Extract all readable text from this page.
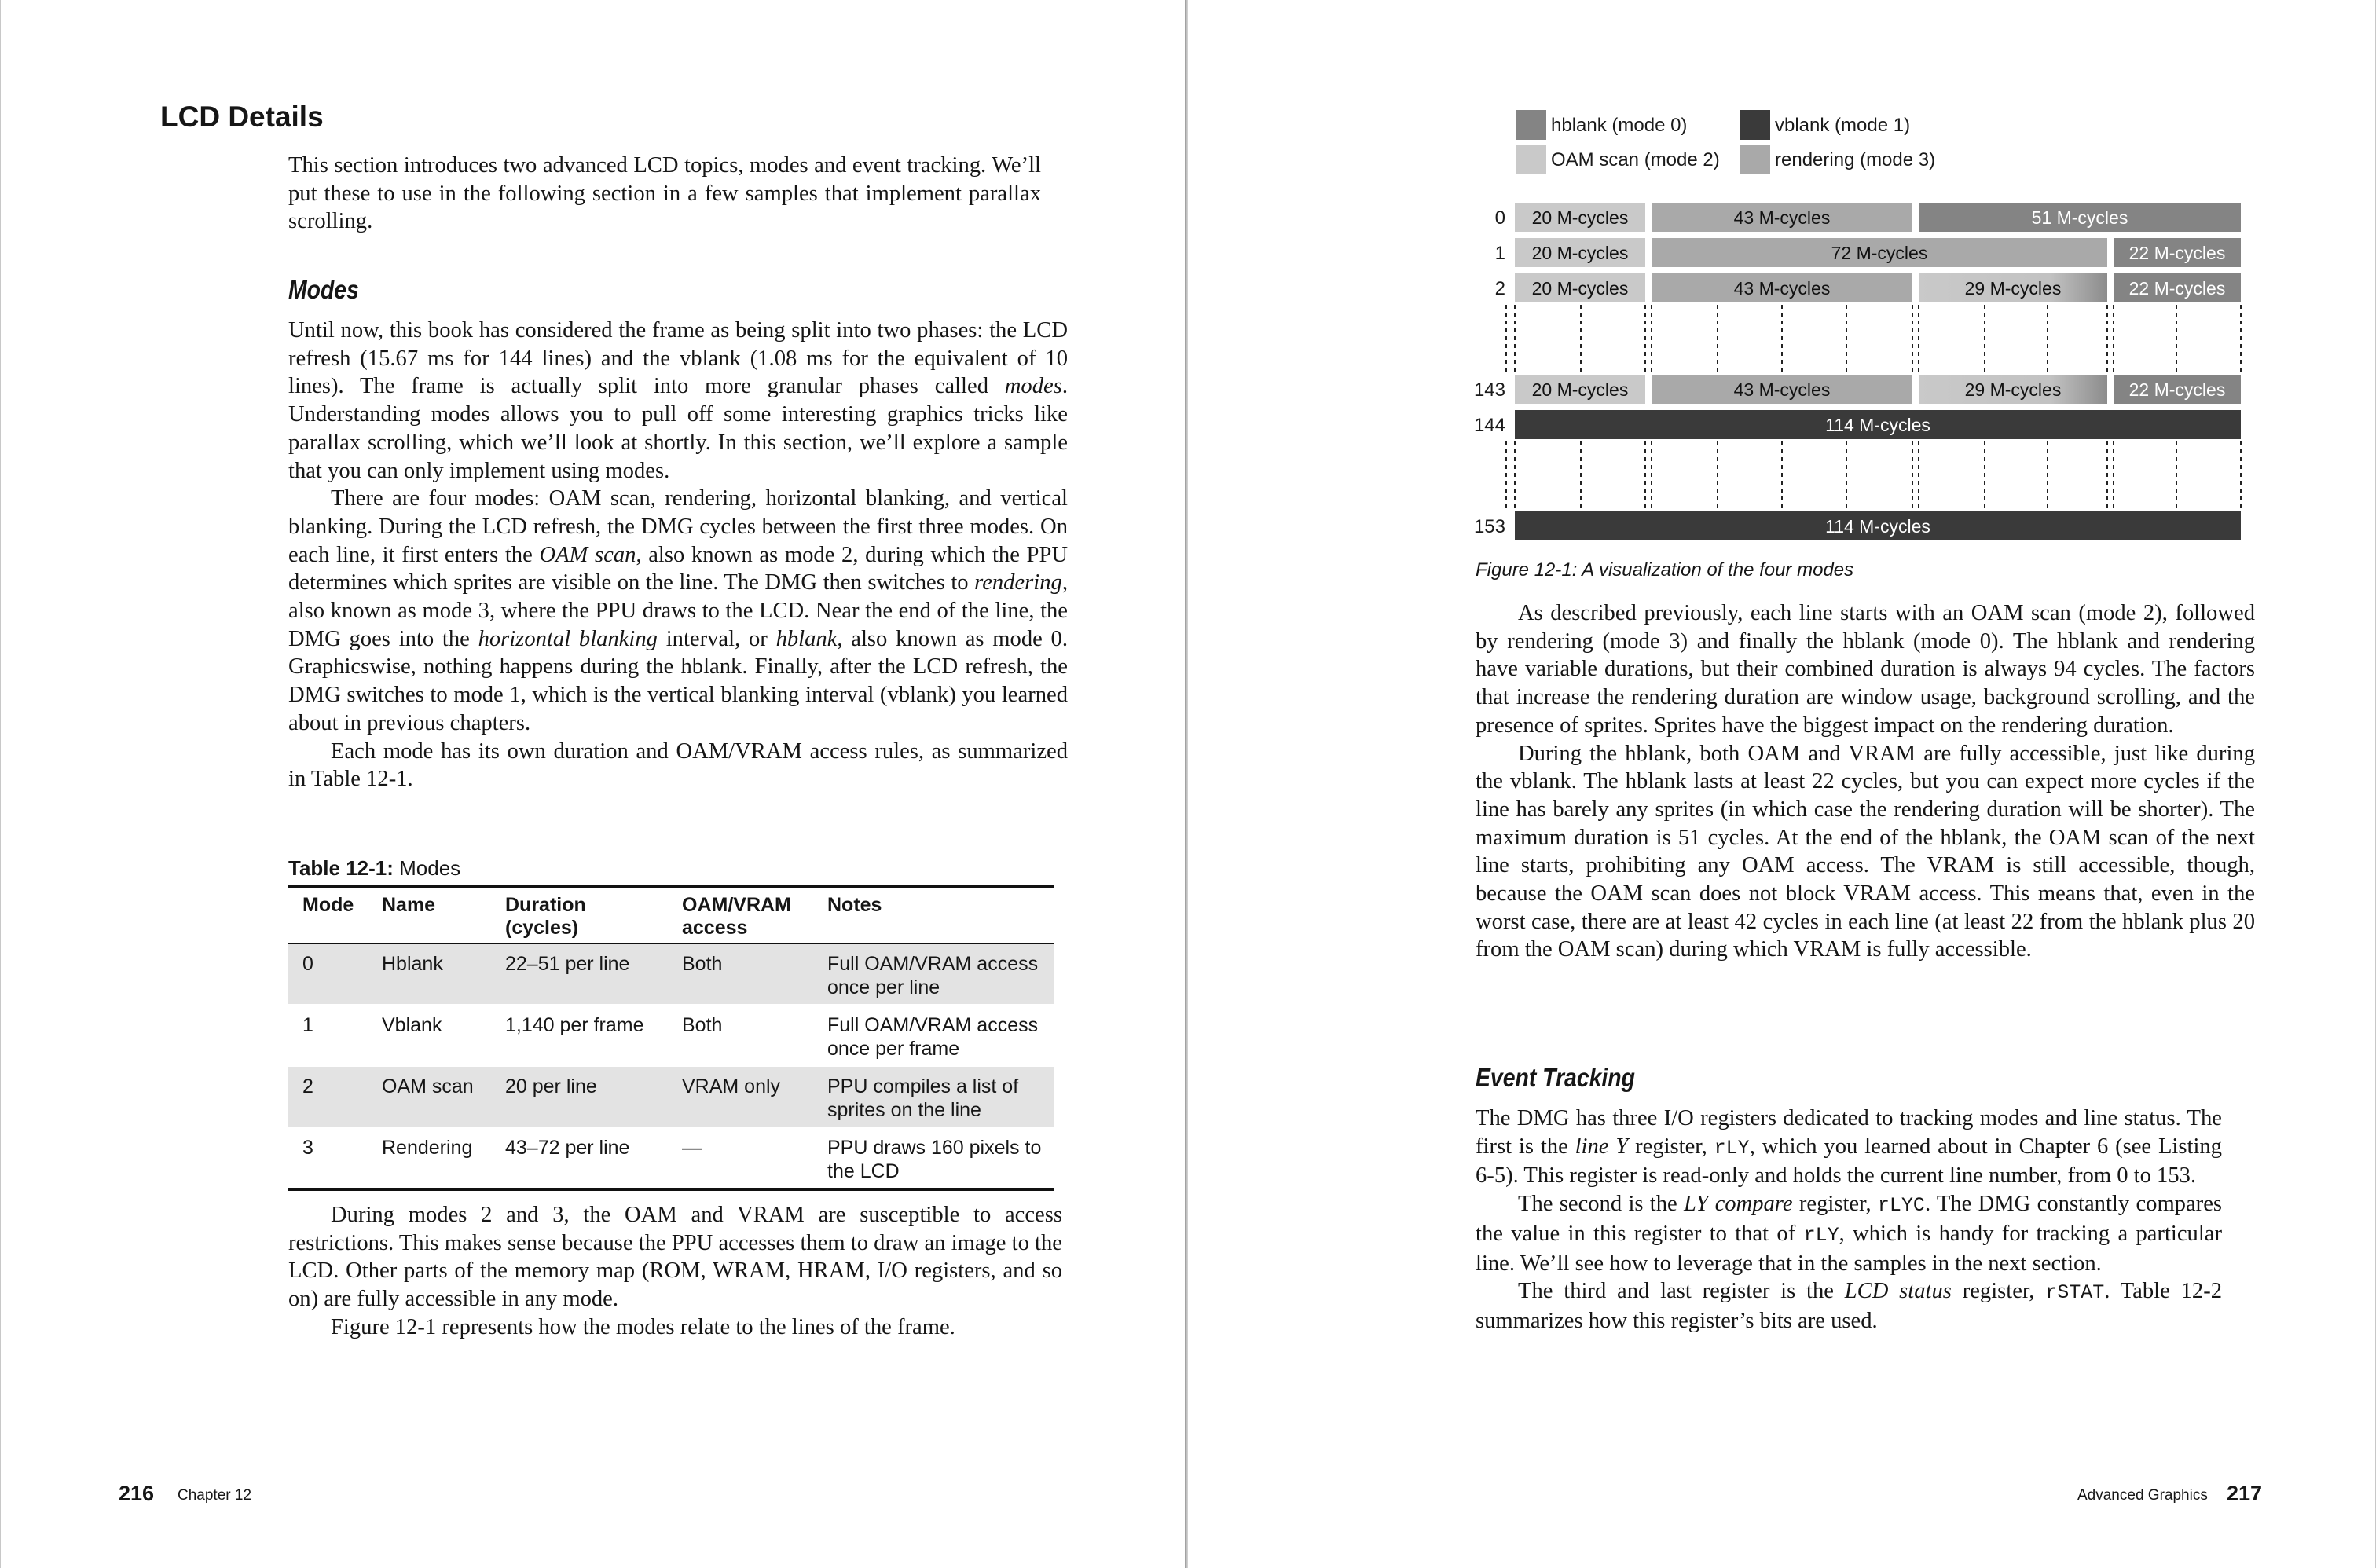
LCD Details

This section introduces two advanced LCD topics, modes and event tracking. We’ll put these to use in the following section in a few samples that implement parallax scrolling.

Modes

Until now, this book has considered the frame as being split into two phases: the LCD refresh (15.67 ms for 144 lines) and the vblank (1.08 ms for the equivalent of 10 lines). The frame is actually split into more granular phases called modes. Understanding modes allows you to pull off some interesting graphics tricks like parallax scrolling, which we’ll look at shortly. In this section, we’ll explore a sample that you can only implement using modes.

There are four modes: OAM scan, rendering, horizontal blanking, and vertical blanking. During the LCD refresh, the DMG cycles between the first three modes. On each line, it first enters the OAM scan, also known as mode 2, during which the PPU determines which sprites are visible on the line. The DMG then switches to rendering, also known as mode 3, where the PPU draws to the LCD. Near the end of the line, the DMG goes into the horizontal blanking interval, or hblank, also known as mode 0. Graphicswise, nothing happens during the hblank. Finally, after the LCD refresh, the DMG switches to mode 1, which is the vertical blanking interval (vblank) you learned about in previous chapters.

Each mode has its own duration and OAM/VRAM access rules, as summarized in Table 12-1.

Table 12-1: Modes

Mode	Name	Duration (cycles)	OAM/VRAM access	Notes
0	Hblank	22–51 per line	Both	Full OAM/VRAM access once per line
1	Vblank	1,140 per frame	Both	Full OAM/VRAM access once per frame
2	OAM scan	20 per line	VRAM only	PPU compiles a list of sprites on the line
3	Rendering	43–72 per line	—	PPU draws 160 pixels to the LCD

During modes 2 and 3, the OAM and VRAM are susceptible to access restrictions. This makes sense because the PPU accesses them to draw an image to the LCD. Other parts of the memory map (ROM, WRAM, HRAM, I/O registers, and so on) are fully accessible in any mode.

Figure 12-1 represents how the modes relate to the lines of the frame.

216 Chapter 12
hblank (mode 0)	vblank (mode 1)
OAM scan (mode 2)	rendering (mode 3)
0
1
2
143
144
153
20 M-cycles	43 M-cycles	51 M-cycles
20 M-cycles	72 M-cycles	22 M-cycles
20 M-cycles	43 M-cycles	29 M-cycles	22 M-cycles
20 M-cycles	43 M-cycles	29 M-cycles	22 M-cycles
114 M-cycles
114 M-cycles

Figure 12-1: A visualization of the four modes

As described previously, each line starts with an OAM scan (mode 2), followed by rendering (mode 3) and finally the hblank (mode 0). The hblank and rendering have variable durations, but their combined duration is always 94 cycles. The factors that increase the rendering duration are window usage, background scrolling, and the presence of sprites. Sprites have the biggest impact on the rendering duration.

During the hblank, both OAM and VRAM are fully accessible, just like during the vblank. The hblank lasts at least 22 cycles, but you can expect more cycles if the line has barely any sprites (in which case the rendering duration will be shorter). The maximum duration is 51 cycles. At the end of the hblank, the OAM scan of the next line starts, prohibiting any OAM access. The VRAM is still accessible, though, because the OAM scan does not block VRAM access. This means that, even in the worst case, there are at least 42 cycles in each line (at least 22 from the hblank plus 20 from the OAM scan) during which VRAM is fully accessible.

Event Tracking

The DMG has three I/O registers dedicated to tracking modes and line status. The first is the line Y register, rLY, which you learned about in Chapter 6 (see Listing 6-5). This register is read-only and holds the current line number, from 0 to 153.

The second is the LY compare register, rLYC. The DMG constantly compares the value in this register to that of rLY, which is handy for tracking a particular line. We’ll see how to leverage that in the samples in the next section.

The third and last register is the LCD status register, rSTAT. Table 12-2 summarizes how this register’s bits are used.

Advanced Graphics 217
